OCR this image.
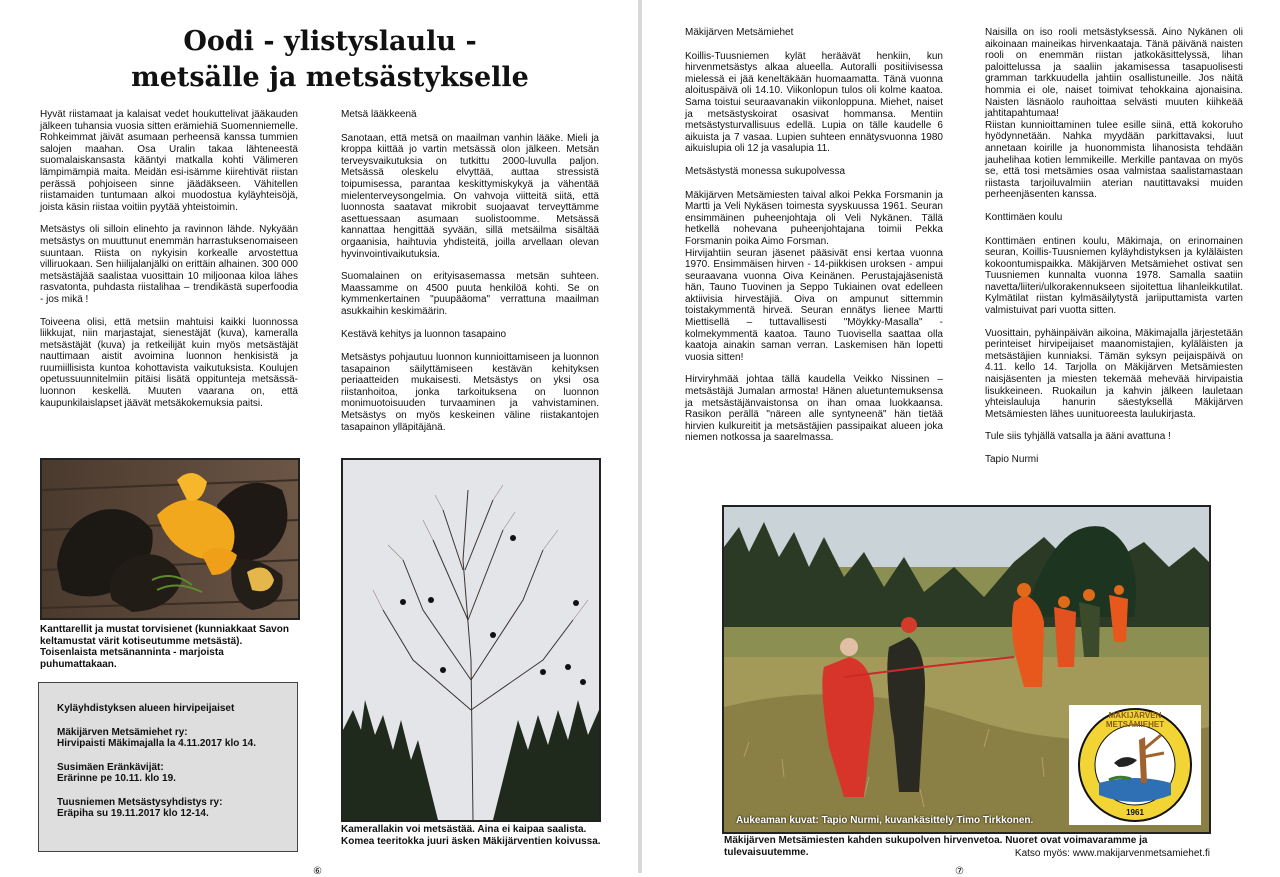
Oodi - ylistyslaulu -
metsälle ja metsästykselle

Hyvät riistamaat ja kalaisat vedet houkuttelivat jääkauden jälkeen tuhansia vuosia sitten erämiehiä Suomenniemelle. Rohkeimmat jäivät asumaan perheensä kanssa tummien salojen maahan. Osa Uralin takaa lähteneestä suomalaiskansasta kääntyi matkalla kohti Välimeren lämpimämpiä maita. Meidän esi-isämme kiirehtivät riistan perässä pohjoiseen sinne jäädäkseen. Vähitellen riistamaiden tuntumaan alkoi muodostua kyläyhteisöjä, joista käsin riistaa voitiin pyytää yhteistoimin.

Metsästys oli silloin elinehto ja ravinnon lähde. Nykyään metsästys on muuttunut enemmän harrastuksenomaiseen suuntaan. Riista on nykyisin korkealle arvostettua villiruokaan. Sen hiilijalanjälki on erittäin alhainen. 300 000 metsästäjää saalistaa vuosittain 10 miljoonaa kiloa lähes rasvatonta, puhdasta riistalihaa – trendikästä superfoodia - jos mikä !

Toiveena olisi, että metsiin mahtuisi kaikki luonnossa liikkujat, niin marjastajat, sienestäjät (kuva), kameralla metsästäjät (kuva) ja retkeilijät kuin myös metsästäjät nauttimaan aistit avoimina luonnon henkisistä ja ruumiillisista kuntoa kohottavista vaikutuksista. Koulujen opetussuunnitelmiin pitäisi lisätä oppitunteja metsässä-luonnon keskellä. Muuten vaarana on, että kaupunkilaislapset jäävät metsäkokemuksia paitsi.

Metsä lääkkeenä

Sanotaan, että metsä on maailman vanhin lääke. Mieli ja kroppa kiittää jo vartin metsässä olon jälkeen. Metsän terveysvaikutuksia on tutkittu 2000-luvulla paljon. Metsässä oleskelu elvyttää, auttaa stressistä toipumisessa, parantaa keskittymiskykyä ja vähentää mielenterveysongelmia. On vahvoja viitteitä siitä, että luonnosta saatavat mikrobit suojaavat terveyttämme asettuessaan asumaan suolistoomme. Metsässä kannattaa hengittää syvään, sillä metsäilma sisältää orgaanisia, haihtuvia yhdisteitä, joilla arvellaan olevan hyvinvointivaikutuksia.

Suomalainen on erityisasemassa metsän suhteen. Maassamme on 4500 puuta henkilöä kohti. Se on kymmenkertainen "puupääoma" verrattuna maailman asukkaihin keskimäärin.

Kestävä kehitys ja luonnon tasapaino

Metsästys pohjautuu luonnon kunnioittamiseen ja luonnon tasapainon säilyttämiseen kestävän kehityksen periaatteiden mukaisesti. Metsästys on yksi osa riistanhoitoa, jonka tarkoituksena on luonnon monimuotoisuuden turvaaminen ja vahvistaminen. Metsästys on myös keskeinen väline riistakantojen tasapainon ylläpitäjänä.

Kanttarellit ja mustat torvisienet (kunniakkaat Savon keltamustat värit kotiseutumme metsästä). Toisenlaista metsänanninta - marjoista puhumattakaan.
Kamerallakin voi metsästää. Aina ei kaipaa saalista. Komea teeritokka juuri äsken Mäkijärventien koivussa.

Kyläyhdistyksen alueen hirvipeijaiset

Mäkijärven Metsämiehet ry:
Hirvipaisti Mäkimajalla la 4.11.2017 klo 14.

Susimäen Eränkävijät:
Erärinne pe 10.11. klo 19.

Tuusniemen Metsästysyhdistys ry:
Eräpiha su 19.11.2017 klo 12-14.

⑥
Mäkijärven Metsämiehet

Koillis-Tuusniemen kylät heräävät henkiin, kun hirvenmetsästys alkaa alueella. Autoralli positiivisessa mielessä ei jää keneltäkään huomaamatta. Tänä vuonna aloituspäivä oli 14.10. Viikonlopun tulos oli kolme kaatoa. Sama toistui seuraavanakin viikonloppuna. Miehet, naiset ja metsästyskoirat osasivat hommansa. Mentiin metsästysturvallisuus edellä. Lupia on tälle kaudelle 6 aikuista ja 7 vasaa. Lupien suhteen ennätysvuonna 1980 aikuislupia oli 12 ja vasalupia 11.

Metsästystä monessa sukupolvessa

Mäkijärven Metsämiesten taival alkoi Pekka Forsmanin ja Martti ja Veli Nykäsen toimesta syyskuussa 1961. Seuran ensimmäinen puheenjohtaja oli Veli Nykänen. Tällä hetkellä nohevana puheenjohtajana toimii Pekka Forsmanin poika Aimo Forsman.

Hirvijahtiin seuran jäsenet pääsivät ensi kertaa vuonna 1970. Ensimmäisen hirven - 14-piikkisen uroksen - ampui seuraavana vuonna Oiva Keinänen. Perustajajäsenistä hän, Tauno Tuovinen ja Seppo Tukiainen ovat edelleen aktiivisia hirvestäjiä. Oiva on ampunut sittemmin toistakymmentä hirveä. Seuran ennätys lienee Martti Miettisellä – tuttavallisesti "Möykky-Masalla" - kolmekymmentä kaatoa. Tauno Tuovisella saattaa olla kaatoja ainakin saman verran. Laskemisen hän lopetti vuosia sitten!

Hirviryhmää johtaa tällä kaudella Veikko Nissinen – metsästäjä Jumalan armosta! Hänen aluetuntemuksensa ja metsästäjänvaistonsa on ihan omaa luokkaansa. Rasikon perällä "näreen alle syntyneenä" hän tietää hirvien kulkureitit ja metsästäjien passipaikat alueen joka niemen notkossa ja saarelmassa.

Naisilla on iso rooli metsästyksessä. Aino Nykänen oli aikoinaan maineikas hirvenkaataja. Tänä päivänä naisten rooli on enemmän riistan jatkokäsittelyssä, lihan paloittelussa ja saaliin jakamisessa tasapuolisesti gramman tarkkuudella jahtiin osallistuneille. Jos näitä hommia ei ole, naiset toimivat tehokkaina ajonaisina. Naisten läsnäolo rauhoittaa selvästi muuten kiihkeää jahtitapahtumaa!

Riistan kunnioittaminen tulee esille siinä, että kokoruho hyödynnetään. Nahka myydään parkittavaksi, luut annetaan koirille ja huonommista lihanosista tehdään jauhelihaa kotien lemmikeille. Merkille pantavaa on myös se, että tosi metsämies osaa valmistaa saalistamastaan riistasta tarjoiluvalmiin aterian nautittavaksi muiden perheenjäsenten kanssa.

Konttimäen koulu

Konttimäen entinen koulu, Mäkimaja, on erinomainen seuran, Koillis-Tuusniemen kyläyhdistyksen ja kyläläisten kokoontumispaikka. Mäkijärven Metsämiehet ostivat sen Tuusniemen kunnalta vuonna 1978. Samalla saatiin navetta/liiteri/ulkorakennukseen sijoitettua lihanleikkutilat. Kylmätilat riistan kylmäsäilytystä jariiputtamista varten valmistuivat pari vuotta sitten.

Vuosittain, pyhäinpäivän aikoina, Mäkimajalla järjestetään perinteiset hirvipeijaiset maanomistajien, kyläläisten ja metsästäjien kunniaksi. Tämän syksyn peijaispäivä on 4.11. kello 14. Tarjolla on Mäkijärven Metsämiesten naisjäsenten ja miesten tekemää mehevää hirvipaistia lisukkeineen. Ruokailun ja kahvin jälkeen lauletaan yhteislauluja hanurin säestyksellä Mäkijärven Metsämiesten lähes uunituoreesta laulukirjasta.

Tule siis tyhjällä vatsalla ja ääni avattuna !

Tapio Nurmi

Aukeaman kuvat: Tapio Nurmi, kuvankäsittely Timo Tirkkonen.
MÄKIJÄRVEN METSÄMIEHET
1961
Mäkijärven Metsämiesten kahden sukupolven hirvenvetoa. Nuoret ovat voimavaramme ja tulevaisuutemme.	Katso myös: www.makijarvenmetsamiehet.fi
⑦
